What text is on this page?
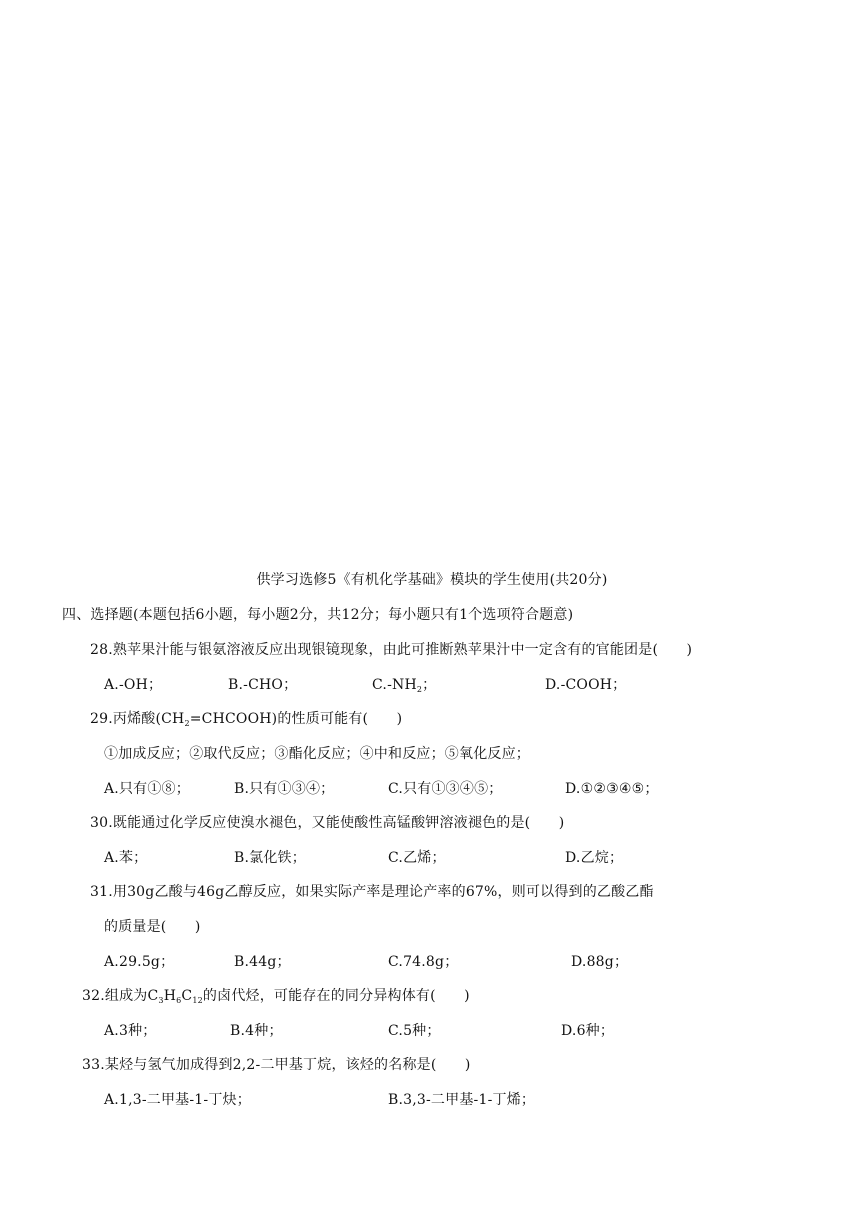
供学习选修5《有机化学基础》模块的学生使用(共20分)
四、选择题(本题包括6小题，每小题2分，共12分；每小题只有1个选项符合题意)
28.熟苹果汁能与银氨溶液反应出现银镜现象，由此可推断熟苹果汁中一定含有的官能团是(　　)
A.-OH；	B.-CHO；	$C.-NH_2$；	D.-COOH；
29.丙烯酸$(CH_2=CHCOOH)$的性质可能有(　　)
①加成反应；②取代反应；③酯化反应；④中和反应；⑤氧化反应；
A.只有①⑧；	B.只有①③④；	C.只有①③④⑤；	D.①②③④⑤；
30.既能通过化学反应使溴水褪色，又能使酸性高锰酸钾溶液褪色的是(　　)
A.苯；	B.氯化铁；	C.乙烯；	D.乙烷；
31.用30g乙酸与46g乙醇反应，如果实际产率是理论产率的67%，则可以得到的乙酸乙酯
的质量是(　　)
A.29.5g；	B.44g；	C.74.8g；	D.88g；
32.组成为$C_3H_6C_{12}$的卤代烃，可能存在的同分异构体有(　　)
A.3种；	B.4种；	C.5种；	D.6种；
33.某烃与氢气加成得到2,2-二甲基丁烷，该烃的名称是(　　)
A.1,3-二甲基-1-丁炔；	B.3,3-二甲基-1-丁烯；
